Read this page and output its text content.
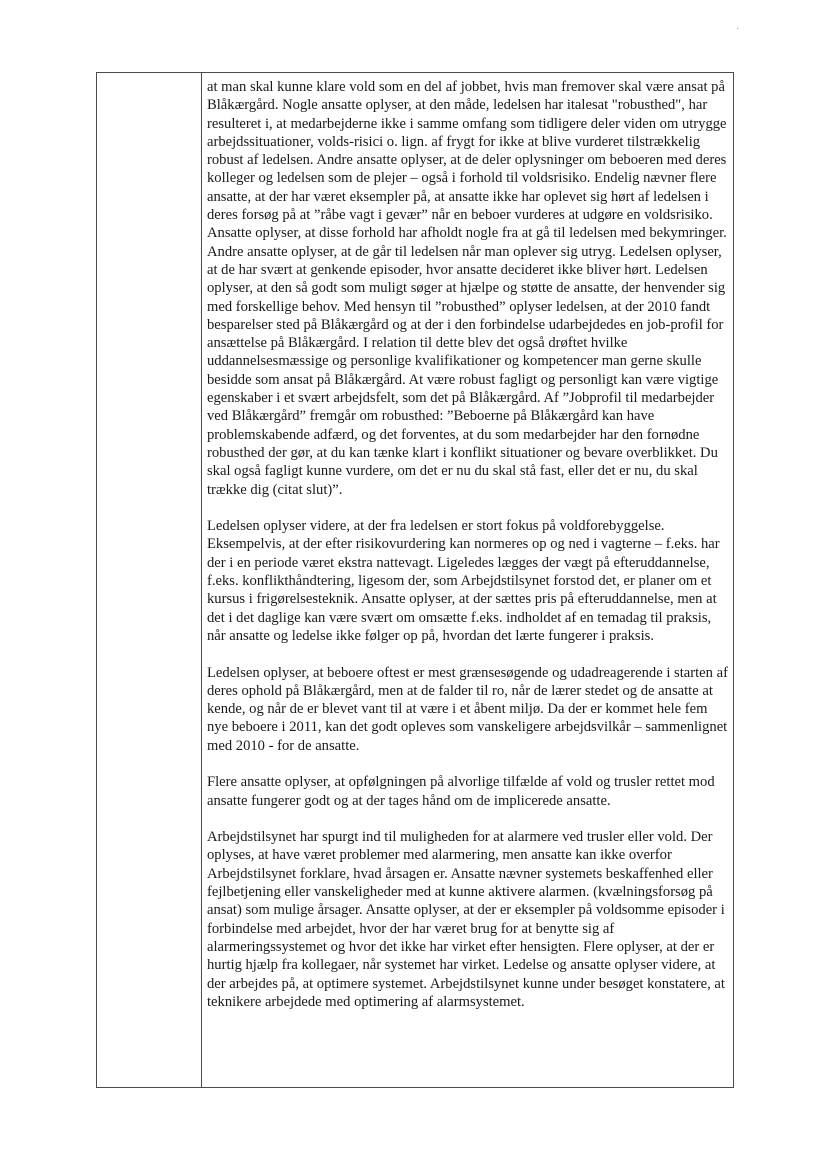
·

at man skal kunne klare vold som en del af jobbet, hvis man fremover skal være ansat på Blåkærgård. Nogle ansatte oplyser, at den måde, ledelsen har italesat "robusthed", har resulteret i, at medarbejderne ikke i samme omfang som tidligere deler viden om utrygge arbejdssituationer, volds-risici o. lign. af frygt for ikke at blive vurderet tilstrækkelig robust af ledelsen. Andre ansatte oplyser, at de deler oplysninger om beboeren med deres kolleger og ledelsen som de plejer – også i forhold til voldsrisiko. Endelig nævner flere ansatte, at der har været eksempler på, at ansatte ikke har oplevet sig hørt af ledelsen i deres forsøg på at ”råbe vagt i gevær” når en beboer vurderes at udgøre en voldsrisiko. Ansatte oplyser, at disse forhold har afholdt nogle fra at gå til ledelsen med bekymringer. Andre ansatte oplyser, at de går til ledelsen når man oplever sig utryg. Ledelsen oplyser, at de har svært at genkende episoder, hvor ansatte decideret ikke bliver hørt. Ledelsen oplyser, at den så godt som muligt søger at hjælpe og støtte de ansatte, der henvender sig med forskellige behov. Med hensyn til ”robusthed” oplyser ledelsen, at der 2010 fandt besparelser sted på Blåkærgård og at der i den forbindelse udarbejdedes en job-profil for ansættelse på Blåkærgård. I relation til dette blev det også drøftet hvilke uddannelsesmæssige og personlige kvalifikationer og kompetencer man gerne skulle besidde som ansat på Blåkærgård. At være robust fagligt og personligt kan være vigtige egenskaber i et svært arbejdsfelt, som det på Blåkærgård. Af ”Jobprofil til medarbejder ved Blåkærgård” fremgår om robusthed: ”Beboerne på Blåkærgård kan have problemskabende adfærd, og det forventes, at du som medarbejder har den fornødne robusthed der gør, at du kan tænke klart i konflikt situationer og bevare overblikket. Du skal også fagligt kunne vurdere, om det er nu du skal stå fast, eller det er nu, du skal trække dig (citat slut)”.

Ledelsen oplyser videre, at der fra ledelsen er stort fokus på voldforebyggelse. Eksempelvis, at der efter risikovurdering kan normeres op og ned i vagterne – f.eks. har der i en periode været ekstra nattevagt. Ligeledes lægges der vægt på efteruddannelse, f.eks. konflikthåndtering, ligesom der, som Arbejdstilsynet forstod det, er planer om et kursus i frigørelsesteknik. Ansatte oplyser, at der sættes pris på efteruddannelse, men at det i det daglige kan være svært om omsætte f.eks. indholdet af en temadag til praksis, når ansatte og ledelse ikke følger op på, hvordan det lærte fungerer i praksis.

Ledelsen oplyser, at beboere oftest er mest grænsesøgende og udadreagerende i starten af deres ophold på Blåkærgård, men at de falder til ro, når de lærer stedet og de ansatte at kende, og når de er blevet vant til at være i et åbent miljø. Da der er kommet hele fem nye beboere i 2011, kan det godt opleves som vanskeligere arbejdsvilkår – sammenlignet med 2010 - for de ansatte.

Flere ansatte oplyser, at opfølgningen på alvorlige tilfælde af vold og trusler rettet mod ansatte fungerer godt og at der tages hånd om de implicerede ansatte.

Arbejdstilsynet har spurgt ind til muligheden for at alarmere ved trusler eller vold. Der oplyses, at have været problemer med alarmering, men ansatte kan ikke overfor Arbejdstilsynet forklare, hvad årsagen er. Ansatte nævner systemets beskaffenhed eller fejlbetjening eller vanskeligheder med at kunne aktivere alarmen. (kvælningsforsøg på ansat) som mulige årsager. Ansatte oplyser, at der er eksempler på voldsomme episoder i forbindelse med arbejdet, hvor der har været brug for at benytte sig af alarmeringssystemet og hvor det ikke har virket efter hensigten. Flere oplyser, at der er hurtig hjælp fra kollegaer, når systemet har virket. Ledelse og ansatte oplyser videre, at der arbejdes på, at optimere systemet. Arbejdstilsynet kunne under besøget konstatere, at teknikere arbejdede med optimering af alarmsystemet.
